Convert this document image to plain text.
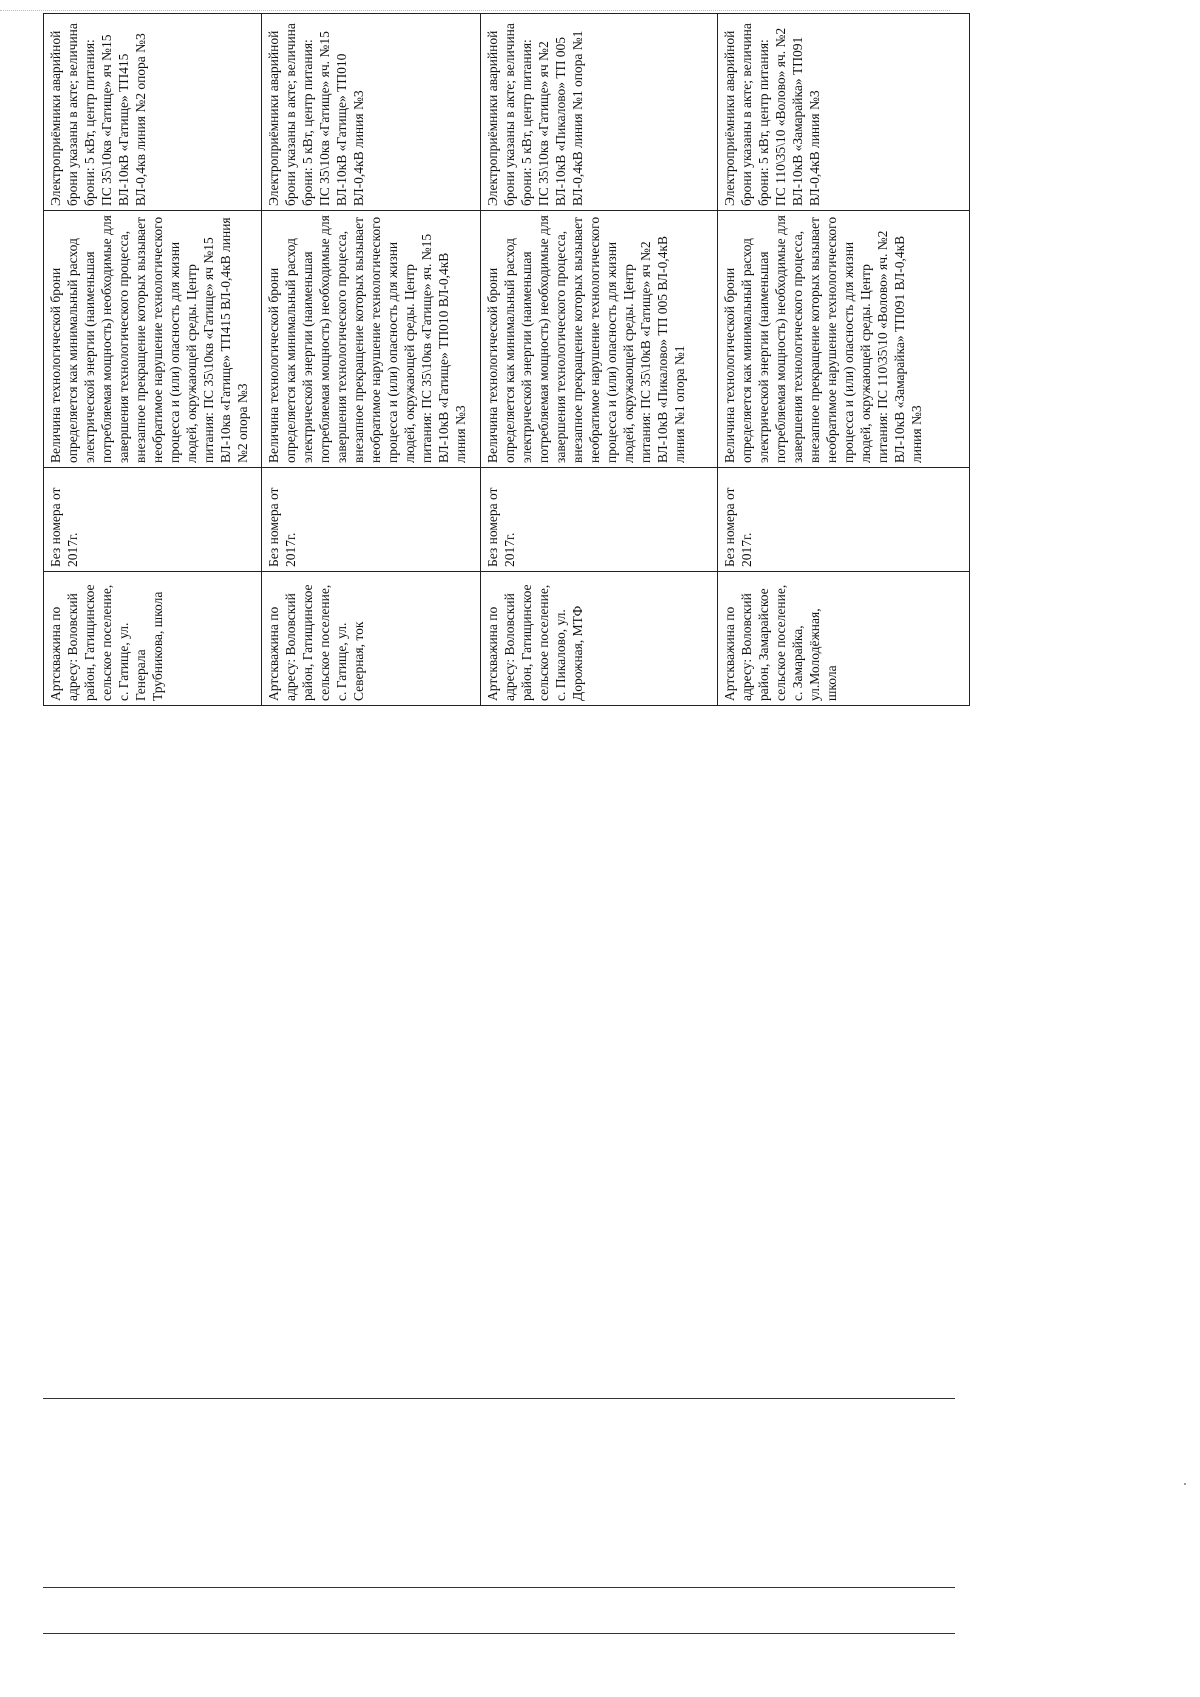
Артскважина по адресу: Воловский район, Гатищинское сельское поселение, с. Гатище, ул. Генерала Трубникова, школа	Без номера от 2017г.	Величина технологической брони определяется как минимальный расход электрической энергии (наименьшая потребляемая мощность) необходимые для завершения технологического процесса, внезапное прекращение которых вызывает необратимое нарушение технологического процесса и (или) опасность для жизни людей, окружающей среды. Центр питания: ПС 35\10кв «Гатище» яч №15 ВЛ-10кв «Гатище» ТП415 ВЛ-0,4кВ линия №2 опора №3	Электроприёмники аварийной брони указаны в акте; величина брони: 5 кВт, центр питания: ПС 35\10кв «Гатище» яч №15 ВЛ-10кВ «Гатище» ТП415 ВЛ-0,4кв линия №2 опора №3
Артскважина по адресу: Воловский район, Гатищинское сельское поселение, с. Гатище, ул. Северная, ток	Без номера от 2017г.	Величина технологической брони определяется как минимальный расход электрической энергии (наименьшая потребляемая мощность) необходимые для завершения технологического процесса, внезапное прекращение которых вызывает необратимое нарушение технологического процесса и (или) опасность для жизни людей, окружающей среды. Центр питания: ПС 35\10кв «Гатище» яч. №15 ВЛ-10кВ «Гатище» ТП010 ВЛ-0,4кВ линия №3	Электроприёмники аварийной брони указаны в акте; величина брони: 5 кВт, центр питания: ПС 35\10кв «Гатище» яч. №15 ВЛ-10кВ «Гатище» ТП010 ВЛ-0,4кВ линия №3
Артскважина по адресу: Воловский район, Гатищинское сельское поселение, с. Пикалово, ул. Дорожная, МТФ	Без номера от 2017г.	Величина технологической брони определяется как минимальный расход электрической энергии (наименьшая потребляемая мощность) необходимые для завершения технологического процесса, внезапное прекращение которых вызывает необратимое нарушение технологического процесса и (или) опасность для жизни людей, окружающей среды. Центр питания: ПС 35\10кВ «Гатище» яч №2 ВЛ-10кВ «Пикалово» ТП 005 ВЛ-0,4кВ линия №1 опора №1	Электроприёмники аварийной брони указаны в акте; величина брони: 5 кВт, центр питания: ПС 35\10кв «Гатище» яч №2 ВЛ-10кВ «Пикалово» ТП 005 ВЛ-0,4кВ линия №1 опора №1
Артскважина по адресу: Воловский район, Замарайское сельское поселение, с. Замарайка, ул.Молодёжная, школа	Без номера от 2017г.	Величина технологической брони определяется как минимальный расход электрической энергии (наименьшая потребляемая мощность) необходимые для завершения технологического процесса, внезапное прекращение которых вызывает необратимое нарушение технологического процесса и (или) опасность для жизни людей, окружающей среды. Центр питания: ПС 110\35\10 «Волово» яч. №2 ВЛ-10кВ «Замарайка» ТП091 ВЛ-0,4кВ линия №3	Электроприёмники аварийной брони указаны в акте; величина брони: 5 кВт, центр питания: ПС 110\35\10 «Волово» яч. №2 ВЛ-10кВ «Замарайка» ТП091 ВЛ-0,4кВ линия №3
